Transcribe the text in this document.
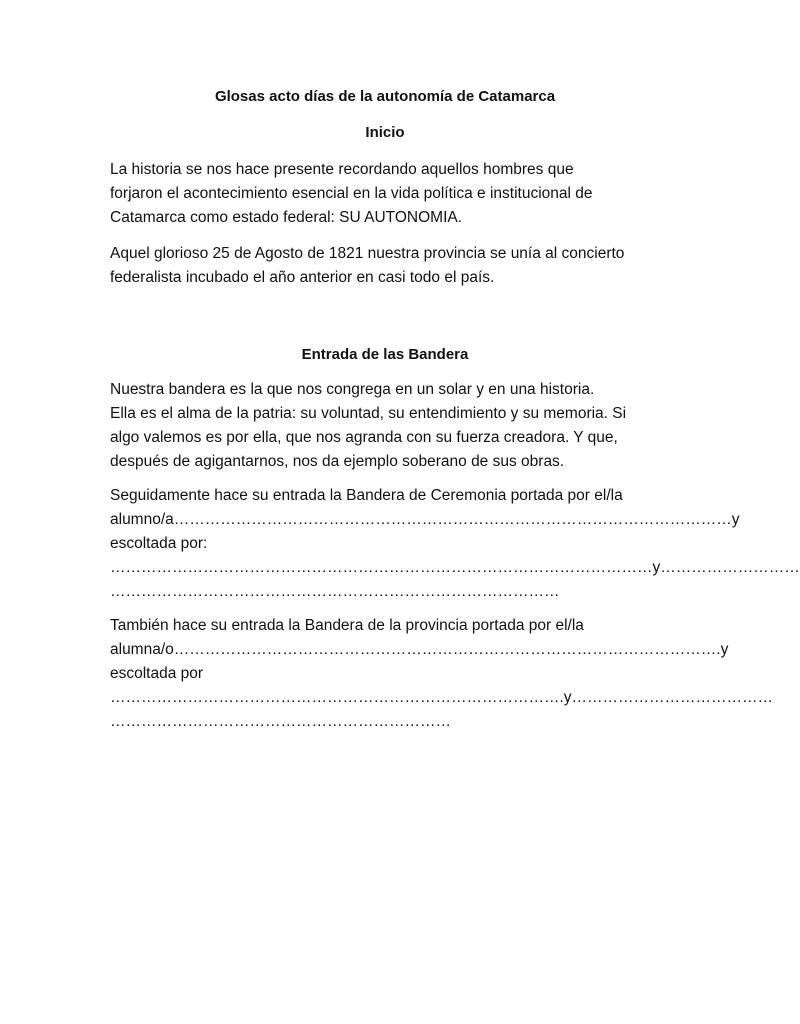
Glosas acto días de la autonomía de Catamarca
Inicio

La historia se nos hace presente recordando aquellos hombres que
forjaron el acontecimiento esencial en la vida política e institucional de
Catamarca como estado federal: SU AUTONOMIA.

Aquel glorioso 25 de Agosto de 1821 nuestra provincia se unía al concierto
federalista incubado el año anterior en casi todo el país.

Entrada de las Bandera

Nuestra bandera es la que nos congrega en un solar y en una historia.
Ella es el alma de la patria: su voluntad, su entendimiento y su memoria. Si
algo valemos es por ella, que nos agranda con su fuerza creadora. Y que,
después de agigantarnos, nos da ejemplo soberano de sus obras.

Seguidamente hace su entrada la Bandera de Ceremonia portada por el/la
alumno/a………………………………………………………………………………………………y
escoltada por:
……………………………………………………………………………………………y………………………
……………………………………………………………………………

También hace su entrada la Bandera de la provincia portada por el/la
alumna/o…………………………………………………………………………………………….y
escoltada por
…………………………………………………………………………….y…………………………………
…………………………………………………………
